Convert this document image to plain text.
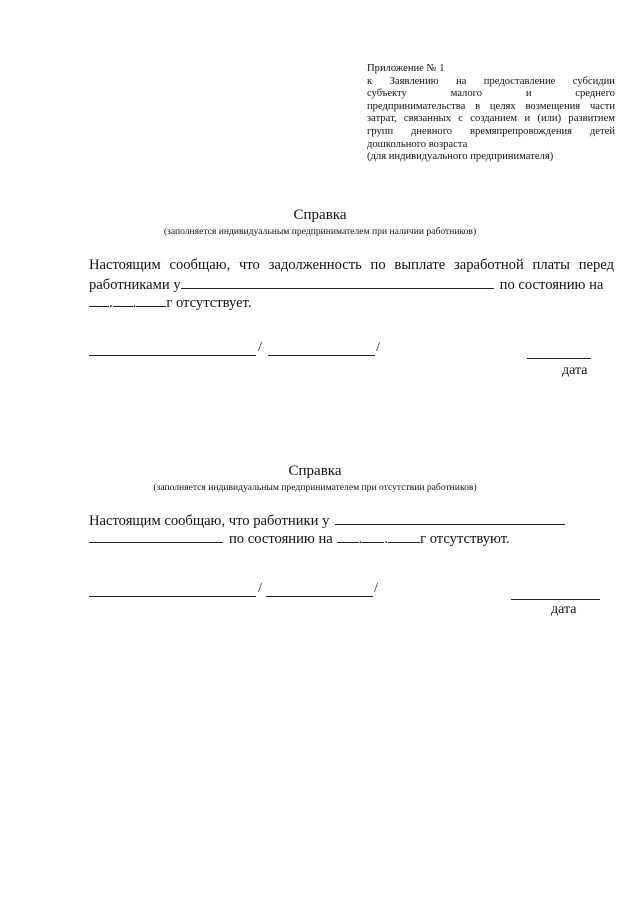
Приложение № 1
к Заявлению на предоставление субсидии
субъекту	малого	и	среднего
предпринимательства в целях возмещения части
затрат, связанных с созданием и (или) развитием
групп дневного времяпрепровождения детей
дошкольного возраста
(для индивидуального предпринимателя)
Справка
(заполняется индивидуальным предпринимателем при наличии работников)
Настоящим сообщаю, что задолженность по выплате заработной платы перед
работниками у	по состоянию на
. . г отсутствует.
/	/
дата
Справка
(заполняется индивидуальным предпринимателем при отсутствии работников)
Настоящим сообщаю, что работники у
по состоянию на . . г отсутствуют.
/	/
дата
